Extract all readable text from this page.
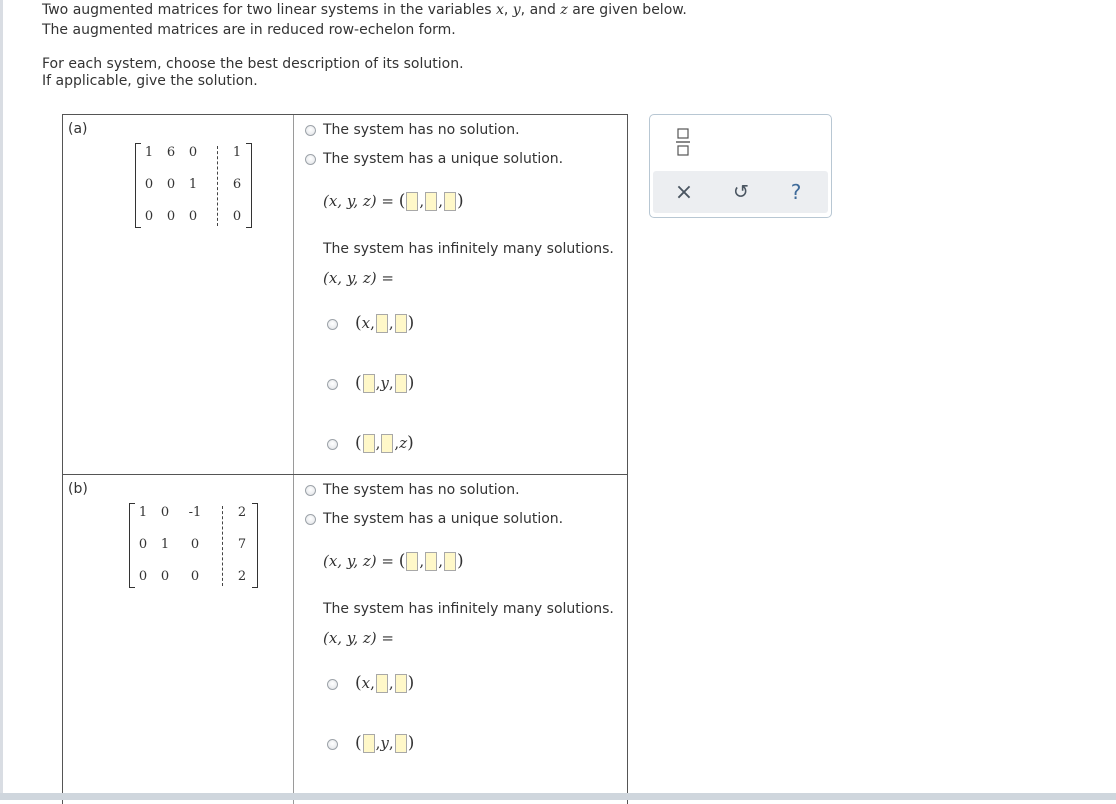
Two augmented matrices for two linear systems in the variables x, y, and z are given below.
The augmented matrices are in reduced row-echelon form.
For each system, choose the best description of its solution.
If applicable, give the solution.
(a)
1	6	0	1
0	0	1	6
0	0	0	0
The system has no solution.
The system has a unique solution.
(x, y, z)
=
( , , )
The system has infinitely many solutions.
(x, y, z)
=
( x , , )
( , y , )
( , , z )
(b)
1	0	-1	2
0	1	0	7
0	0	0	2
The system has no solution.
The system has a unique solution.
(x, y, z)
=
( , , )
The system has infinitely many solutions.
(x, y, z)
=
( x , , )
( , y , )
× ↺ ?
